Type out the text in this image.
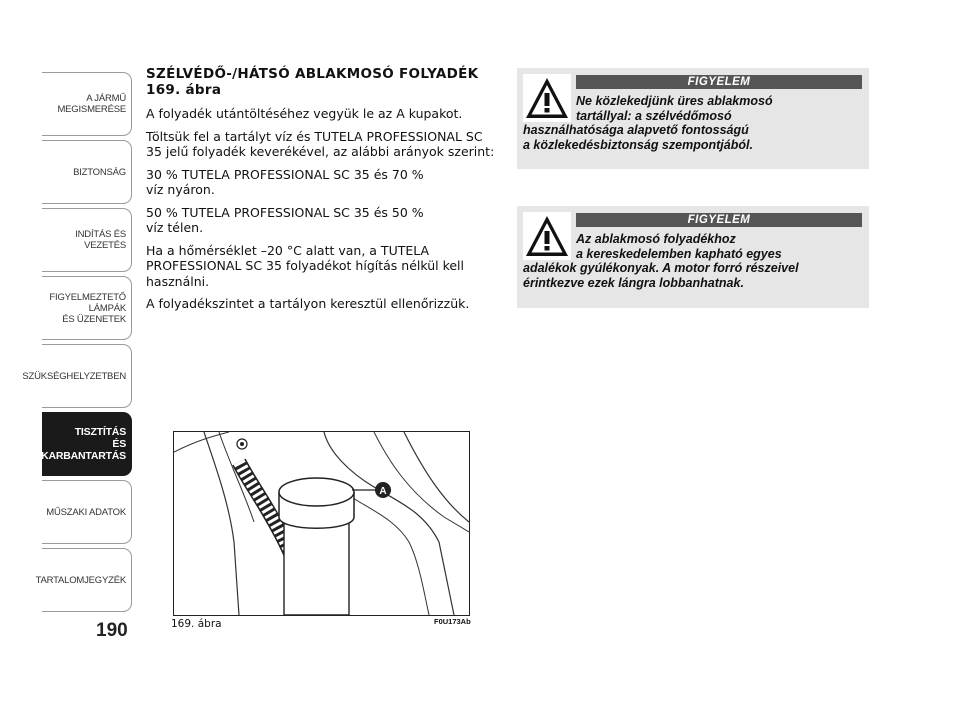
A JÁRMŰ
MEGISMERÉSE
BIZTONSÁG
INDÍTÁS ÉS VEZETÉS
FIGYELMEZTETŐ
LÁMPÁK
ÉS ÜZENETEK
SZÜKSÉGHELYZETBEN
TISZTÍTÁS
ÉS KARBANTARTÁS
MŰSZAKI ADATOK
TARTALOMJEGYZÉK
190
SZÉLVÉDŐ-/HÁTSÓ ABLAKMOSÓ FOLYADÉK 169. ábra
A folyadék utántöltéséhez vegyük le az A kupakot.
Töltsük fel a tartályt víz és TUTELA PROFESSIONAL SC 35 jelű folyadék keverékével, az alábbi arányok szerint:
30 % TUTELA PROFESSIONAL SC 35 és 70 %
víz nyáron.
50 % TUTELA PROFESSIONAL SC 35 és 50 %
víz télen.
Ha a hőmérséklet –20 °C alatt van, a TUTELA PROFESSIONAL SC 35 folyadékot hígítás nélkül kell használni.
A folyadékszintet a tartályon keresztül ellenőrizzük.
FIGYELEM
Ne közlekedjünk üres ablakmosó
tartállyal: a szélvédőmosó
használhatósága alapvető fontosságú
a közlekedésbiztonság szempontjából.
FIGYELEM
Az ablakmosó folyadékhoz
a kereskedelemben kapható egyes
adalékok gyúlékonyak. A motor forró részeivel
érintkezve ezek lángra lobbanhatnak.
A
169. ábra	F0U173Ab
